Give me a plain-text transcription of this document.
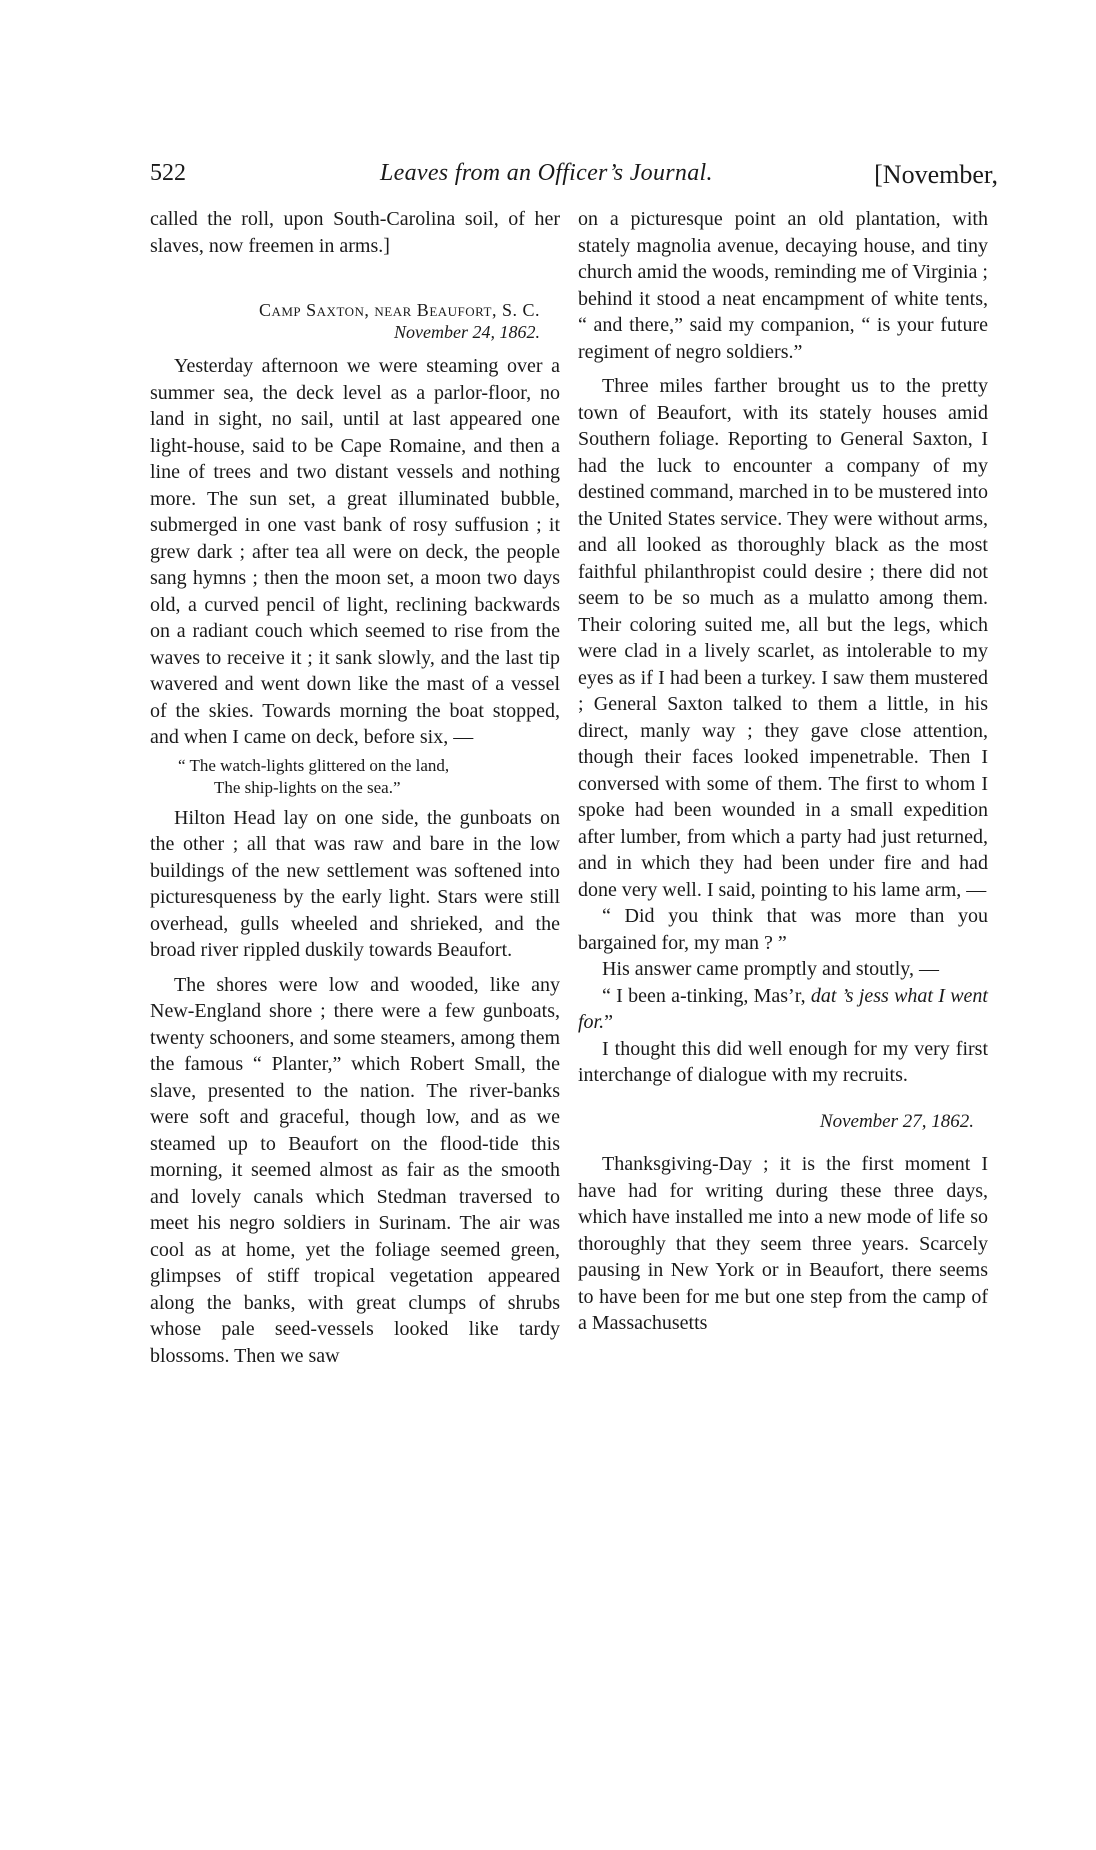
522	Leaves from an Officer’s Journal.	[November,

called the roll, upon South-Carolina soil, of her slaves, now freemen in arms.]

Camp Saxton, near Beaufort, S. C.
November 24, 1862.

Yesterday afternoon we were steaming over a summer sea, the deck level as a parlor-floor, no land in sight, no sail, until at last appeared one light-house, said to be Cape Romaine, and then a line of trees and two distant vessels and nothing more. The sun set, a great illuminated bubble, submerged in one vast bank of rosy suffusion ; it grew dark ; after tea all were on deck, the people sang hymns ; then the moon set, a moon two days old, a curved pencil of light, reclining backwards on a radiant couch which seemed to rise from the waves to receive it ; it sank slowly, and the last tip wavered and went down like the mast of a vessel of the skies. Towards morning the boat stopped, and when I came on deck, before six, —

“ The watch-lights glittered on the land,
The ship-lights on the sea.”

Hilton Head lay on one side, the gunboats on the other ; all that was raw and bare in the low buildings of the new settlement was softened into picturesqueness by the early light. Stars were still overhead, gulls wheeled and shrieked, and the broad river rippled duskily towards Beaufort.

The shores were low and wooded, like any New-England shore ; there were a few gunboats, twenty schooners, and some steamers, among them the famous “ Planter,” which Robert Small, the slave, presented to the nation. The river-banks were soft and graceful, though low, and as we steamed up to Beaufort on the flood-tide this morning, it seemed almost as fair as the smooth and lovely canals which Stedman traversed to meet his negro soldiers in Surinam. The air was cool as at home, yet the foliage seemed green, glimpses of stiff tropical vegetation appeared along the banks, with great clumps of shrubs whose pale seed-vessels looked like tardy blossoms. Then we saw

on a picturesque point an old plantation, with stately magnolia avenue, decaying house, and tiny church amid the woods, reminding me of Virginia ; behind it stood a neat encampment of white tents, “ and there,” said my companion, “ is your future regiment of negro soldiers.”

Three miles farther brought us to the pretty town of Beaufort, with its stately houses amid Southern foliage. Reporting to General Saxton, I had the luck to encounter a company of my destined command, marched in to be mustered into the United States service. They were without arms, and all looked as thoroughly black as the most faithful philanthropist could desire ; there did not seem to be so much as a mulatto among them. Their coloring suited me, all but the legs, which were clad in a lively scarlet, as intolerable to my eyes as if I had been a turkey. I saw them mustered ; General Saxton talked to them a little, in his direct, manly way ; they gave close attention, though their faces looked impenetrable. Then I conversed with some of them. The first to whom I spoke had been wounded in a small expedition after lumber, from which a party had just returned, and in which they had been under fire and had done very well. I said, pointing to his lame arm, —

“ Did you think that was more than you bargained for, my man ? ”

His answer came promptly and stoutly, —

“ I been a-tinking, Mas’r, dat ’s jess what I went for.”

I thought this did well enough for my very first interchange of dialogue with my recruits.

November 27, 1862.

Thanksgiving-Day ; it is the first moment I have had for writing during these three days, which have installed me into a new mode of life so thoroughly that they seem three years. Scarcely pausing in New York or in Beaufort, there seems to have been for me but one step from the camp of a Massachusetts
